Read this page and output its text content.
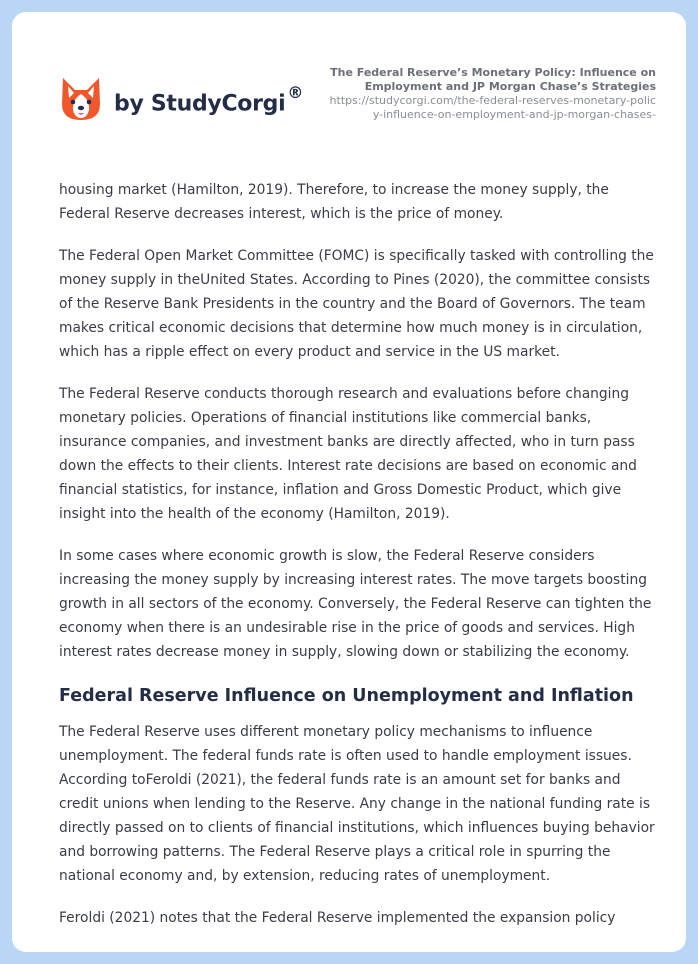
by StudyCorgi ®
The Federal Reserve’s Monetary Policy: Influence on Employment and JP Morgan Chase’s Strategies
https://studycorgi.com/the-federal-reserves-monetary-policy-influence-on-employment-and-jp-morgan-chases-

housing market (Hamilton, 2019). Therefore, to increase the money supply, the Federal Reserve decreases interest, which is the price of money.

The Federal Open Market Committee (FOMC) is specifically tasked with controlling the money supply in theUnited States. According to Pines (2020), the committee consists of the Reserve Bank Presidents in the country and the Board of Governors. The team makes critical economic decisions that determine how much money is in circulation, which has a ripple effect on every product and service in the US market.

The Federal Reserve conducts thorough research and evaluations before changing monetary policies. Operations of financial institutions like commercial banks, insurance companies, and investment banks are directly affected, who in turn pass down the effects to their clients. Interest rate decisions are based on economic and financial statistics, for instance, inflation and Gross Domestic Product, which give insight into the health of the economy (Hamilton, 2019).

In some cases where economic growth is slow, the Federal Reserve considers increasing the money supply by increasing interest rates. The move targets boosting growth in all sectors of the economy. Conversely, the Federal Reserve can tighten the economy when there is an undesirable rise in the price of goods and services. High interest rates decrease money in supply, slowing down or stabilizing the economy.

Federal Reserve Influence on Unemployment and Inflation

The Federal Reserve uses different monetary policy mechanisms to influence unemployment. The federal funds rate is often used to handle employment issues. According toFeroldi (2021), the federal funds rate is an amount set for banks and credit unions when lending to the Reserve. Any change in the national funding rate is directly passed on to clients of financial institutions, which influences buying behavior and borrowing patterns. The Federal Reserve plays a critical role in spurring the national economy and, by extension, reducing rates of unemployment.

Feroldi (2021) notes that the Federal Reserve implemented the expansion policy
